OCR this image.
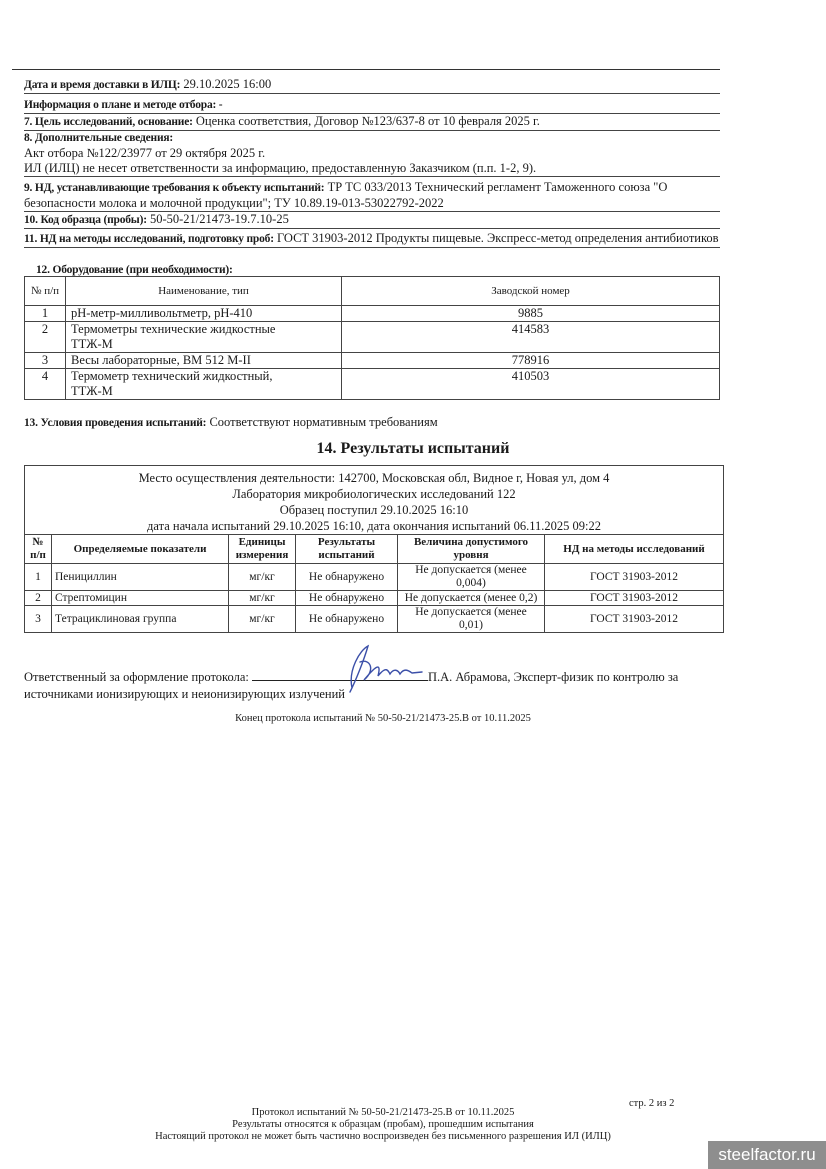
Дата и время доставки в ИЛЦ: 29.10.2025 16:00
Информация о плане и методе отбора: -
7. Цель исследований, основание: Оценка соответствия, Договор №123/637-8 от 10 февраля 2025 г.
8. Дополнительные сведения:
Акт отбора №122/23977 от 29 октября 2025 г.
ИЛ (ИЛЦ) не несет ответственности за информацию, предоставленную Заказчиком (п.п. 1-2, 9).
9. НД, устанавливающие требования к объекту испытаний: ТР ТС 033/2013 Технический регламент Таможенного союза "О безопасности молока и молочной продукции"; ТУ 10.89.19-013-53022792-2022
10. Код образца (пробы): 50-50-21/21473-19.7.10-25
11. НД на методы исследований, подготовку проб: ГОСТ 31903-2012 Продукты пищевые. Экспресс-метод определения антибиотиков
12. Оборудование (при необходимости):
№ п/п	Наименование, тип	Заводской номер
1	pH-метр-милливольтметр, pH-410	9885
2	Термометры технические жидкостные ТТЖ-М	414583
3	Весы лабораторные, ВМ 512 М-II	778916
4	Термометр технический жидкостный, ТТЖ-М	410503
13. Условия проведения испытаний: Соответствуют нормативным требованиям
14. Результаты испытаний
Место осуществления деятельности: 142700, Московская обл, Видное г, Новая ул, дом 4
Лаборатория микробиологических исследований 122
Образец поступил 29.10.2025 16:10
дата начала испытаний 29.10.2025 16:10, дата окончания испытаний 06.11.2025 09:22					

№ п/п	Определяемые показатели	Единицы измерения	Результаты испытаний	Величина допустимого уровня	НД на методы исследований
1	Пенициллин	мг/кг	Не обнаружено	Не допускается (менее 0,004)	ГОСТ 31903-2012
2	Стрептомицин	мг/кг	Не обнаружено	Не допускается (менее 0,2)	ГОСТ 31903-2012
3	Тетрациклиновая группа	мг/кг	Не обнаружено	Не допускается (менее 0,01)	ГОСТ 31903-2012
Ответственный за оформление протокола:	П.А. Абрамова, Эксперт-физик по контролю за источниками ионизирующих и неионизирующих излучений
Конец протокола испытаний № 50-50-21/21473-25.В от 10.11.2025
стр. 2 из 2
Протокол испытаний № 50-50-21/21473-25.В от 10.11.2025
Результаты относятся к образцам (пробам), прошедшим испытания
Настоящий протокол не может быть частично воспроизведен без письменного разрешения ИЛ (ИЛЦ)
steelfactor.ru
